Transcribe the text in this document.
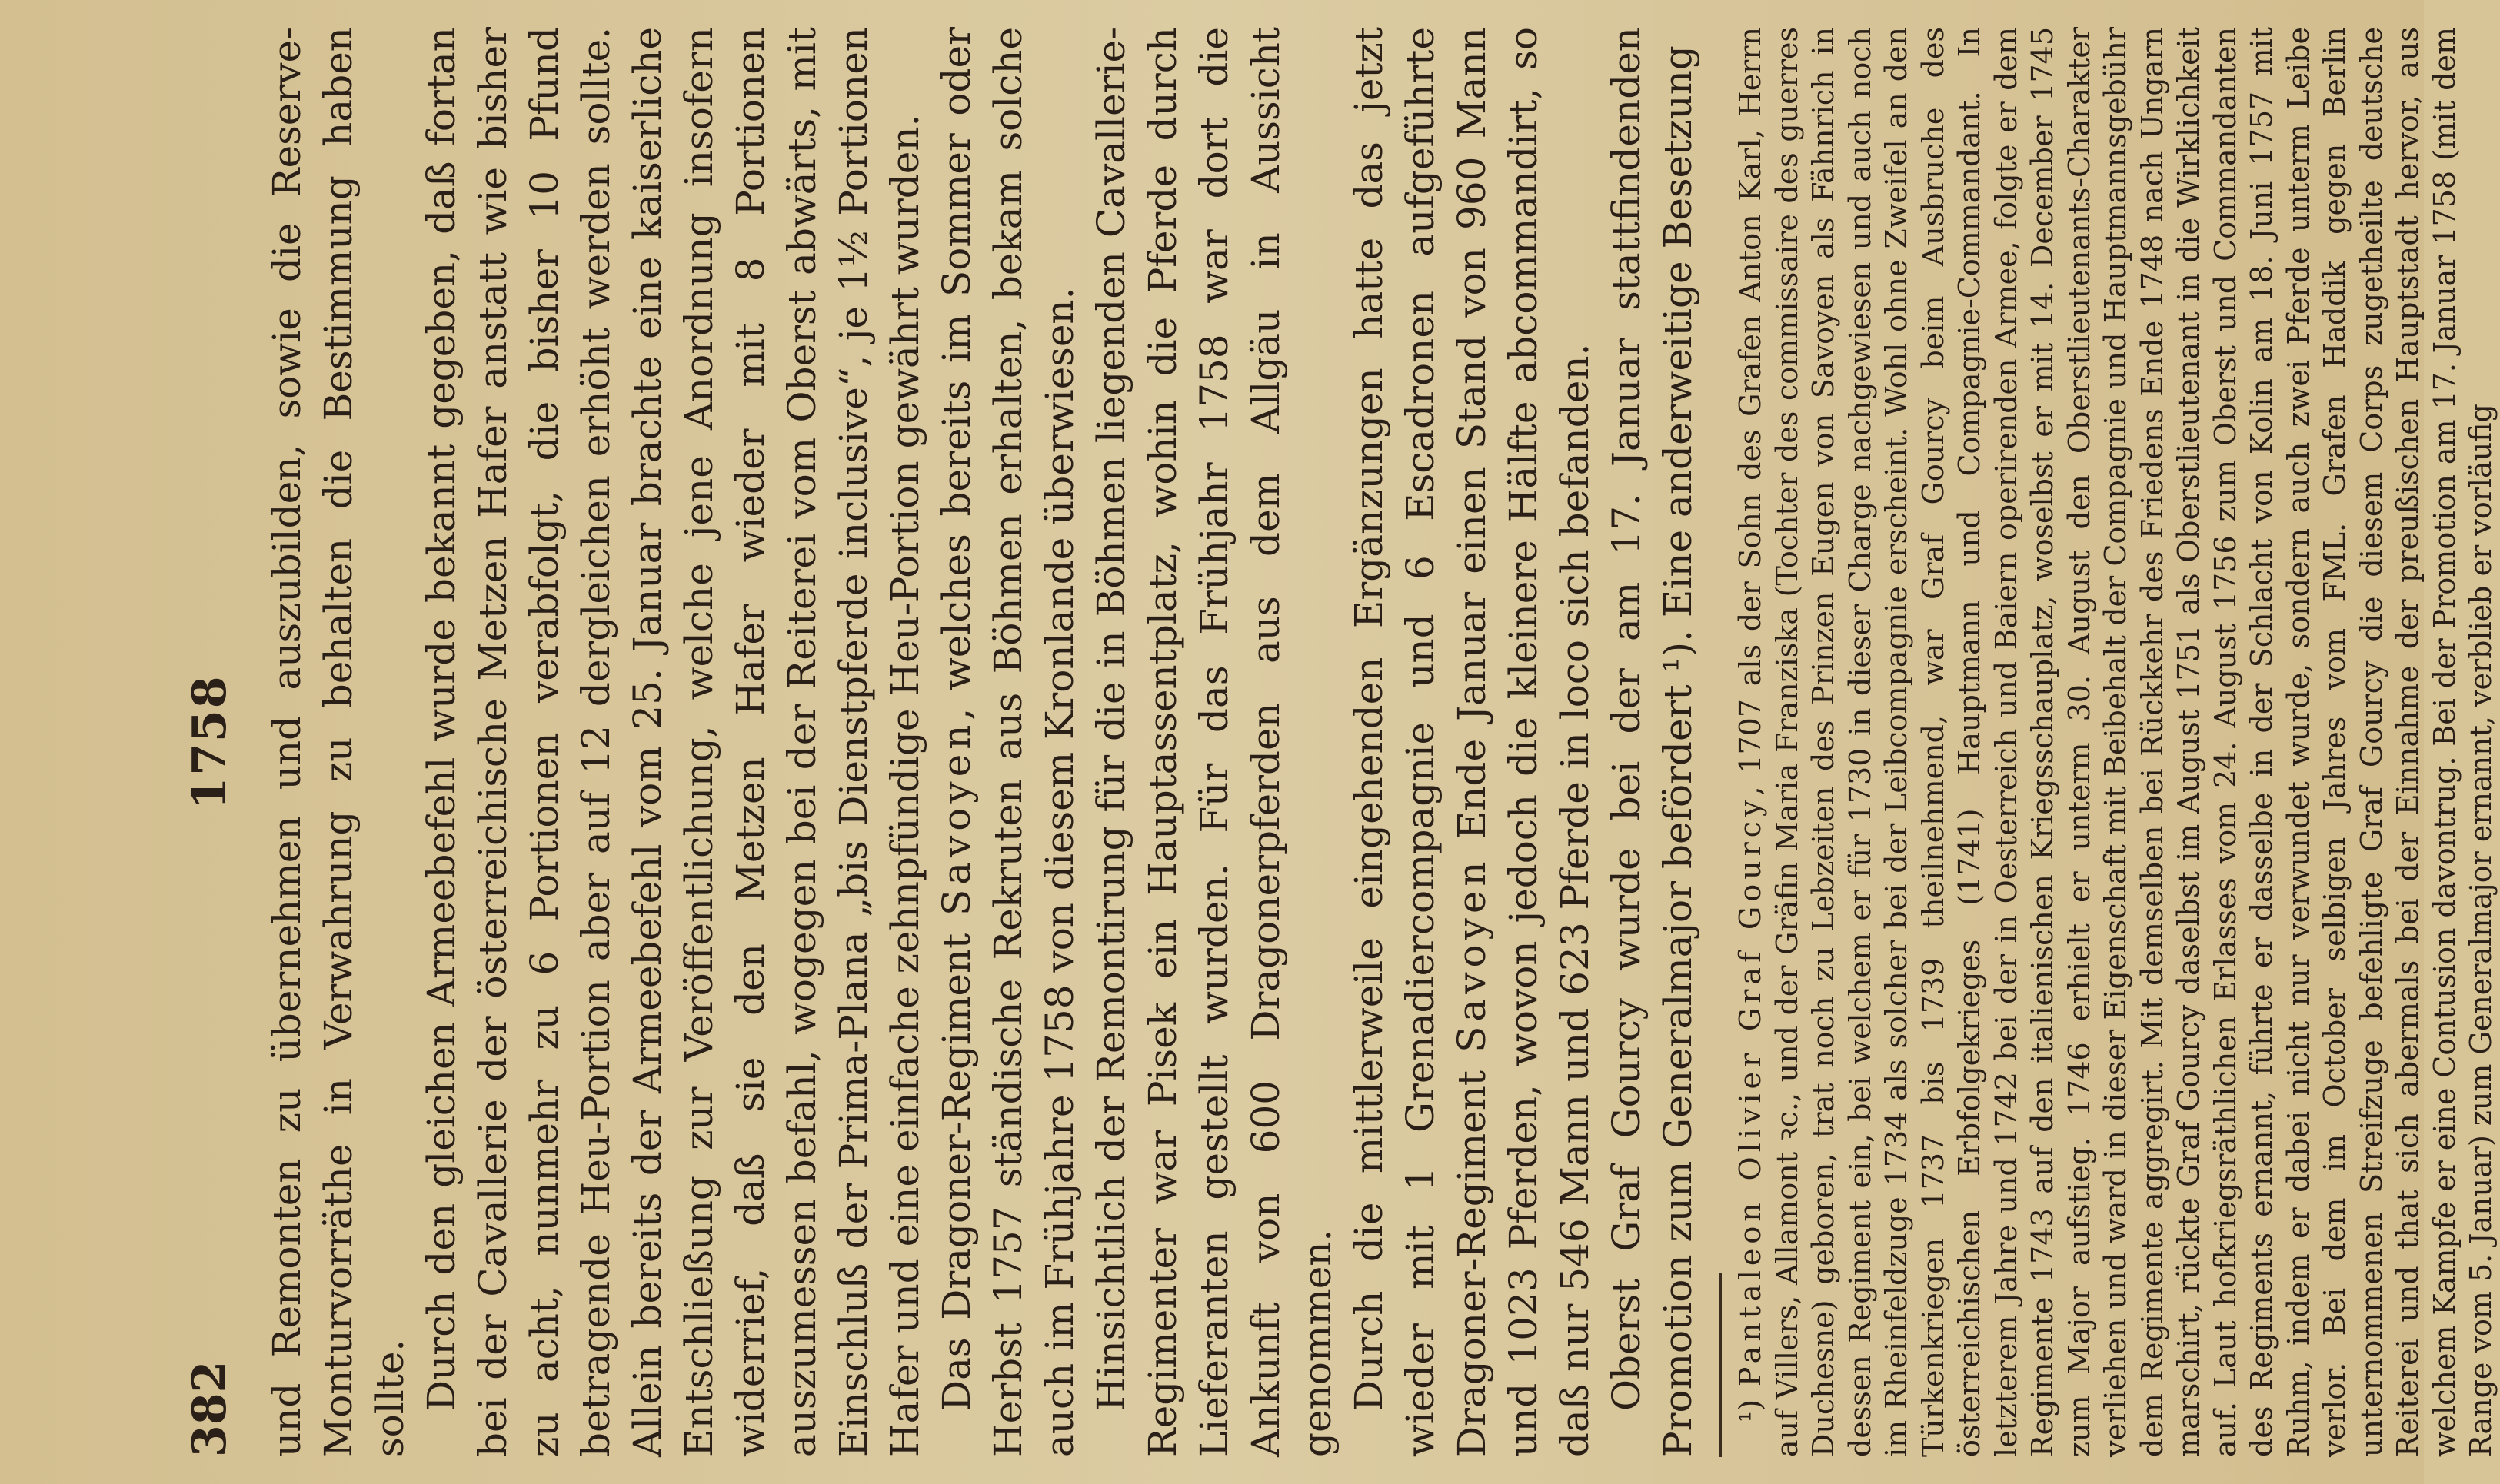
382
1758 und Remonten zu übernehmen und auszubilden, sowie die Reserve-Monturvorräthe in Verwahrung zu behalten die Bestimmung haben sollte. Durch den gleichen Armeebefehl wurde bekannt gegeben, daß fortan bei der Cavallerie der österreichische Metzen Hafer anstatt wie bisher zu acht, nunmehr zu 6 Portionen verabfolgt, die bisher 10 Pfund betragende Heu-Portion aber auf 12 dergleichen erhöht werden sollte. Allein bereits der Armeebefehl vom 25. Januar brachte eine kaiserliche Entschließung zur Veröffentlichung, welche jene Anordnung insofern widerrief, daß sie den Metzen Hafer wieder mit 8 Portionen auszumessen befahl, wogegen bei der Reiterei vom Oberst abwärts, mit Einschluß der Prima-Plana „bis Dienstpferde inclusive“, je 1½ Portionen Hafer und eine einfache zehnpfündige Heu-Portion gewährt wurden. Das Dragoner-Regiment Savoyen, welches bereits im Sommer oder Herbst 1757 ständische Rekruten aus Böhmen erhalten, bekam solche auch im Frühjahre 1758 von diesem Kronlande überwiesen. Hinsichtlich der Remontirung für die in Böhmen liegenden Cavallerie-Regimenter war Pisek ein Hauptassentplatz, wohin die Pferde durch Lieferanten gestellt wurden. Für das Frühjahr 1758 war dort die Ankunft von 600 Dragonerpferden aus dem Allgäu in Aussicht genommen. Durch die mittlerweile eingehenden Ergänzungen hatte das jetzt wieder mit 1 Grenadiercompagnie und 6 Escadronen aufgeführte Dragoner-Regiment Savoyen Ende Januar einen Stand von 960 Mann und 1023 Pferden, wovon jedoch die kleinere Hälfte abcommandirt, so daß nur 546 Mann und 623 Pferde in loco sich befanden. Oberst Graf Gourcy wurde bei der am 17. Januar stattfindenden Promotion zum Generalmajor befördert ¹). Eine anderweitige Besetzung ¹) Pantaleon Olivier Graf Gourcy, 1707 als der Sohn des Grafen Anton Karl, Herrn auf Villers, Allamont ꝛc., und der Gräfin Maria Franziska (Tochter des commissaire des guerres Duchesne) geboren, trat noch zu Lebzeiten des Prinzen Eugen von Savoyen als Fähnrich in dessen Regiment ein, bei welchem er für 1730 in dieser Charge nachgewiesen und auch noch im Rheinfeldzuge 1734 als solcher bei der Leibcompagnie erscheint. Wohl ohne Zweifel an den Türkenkriegen 1737 bis 1739 theilnehmend, war Graf Gourcy beim Ausbruche des österreichischen Erbfolgekrieges (1741) Hauptmann und Compagnie-Commandant. In letzterem Jahre und 1742 bei der in Oesterreich und Baiern operirenden Armee, folgte er dem Regimente 1743 auf den italienischen Kriegsschauplatz, woselbst er mit 14. December 1745 zum Major aufstieg. 1746 erhielt er unterm 30. August den Oberstlieutenants-Charakter verliehen und ward in dieser Eigenschaft mit Beibehalt der Compagnie und Hauptmannsgebühr dem Regimente aggregirt. Mit demselben bei Rückkehr des Friedens Ende 1748 nach Ungarn marschirt, rückte Graf Gourcy daselbst im August 1751 als Oberstlieutenant in die Wirklichkeit auf. Laut hofkriegsräthlichen Erlasses vom 24. August 1756 zum Oberst und Commandanten des Regiments ernannt, führte er dasselbe in der Schlacht von Kolin am 18. Juni 1757 mit Ruhm, indem er dabei nicht nur verwundet wurde, sondern auch zwei Pferde unterm Leibe verlor. Bei dem im October selbigen Jahres vom FML. Grafen Haddik gegen Berlin unternommenen Streifzuge befehligte Graf Gourcy die diesem Corps zugetheilte deutsche Reiterei und that sich abermals bei der Einnahme der preußischen Hauptstadt hervor, aus welchem Kampfe er eine Contusion davontrug. Bei der Promotion am 17. Januar 1758 (mit dem Range vom 5. Januar) zum Generalmajor ernannt, verblieb er vorläufig
